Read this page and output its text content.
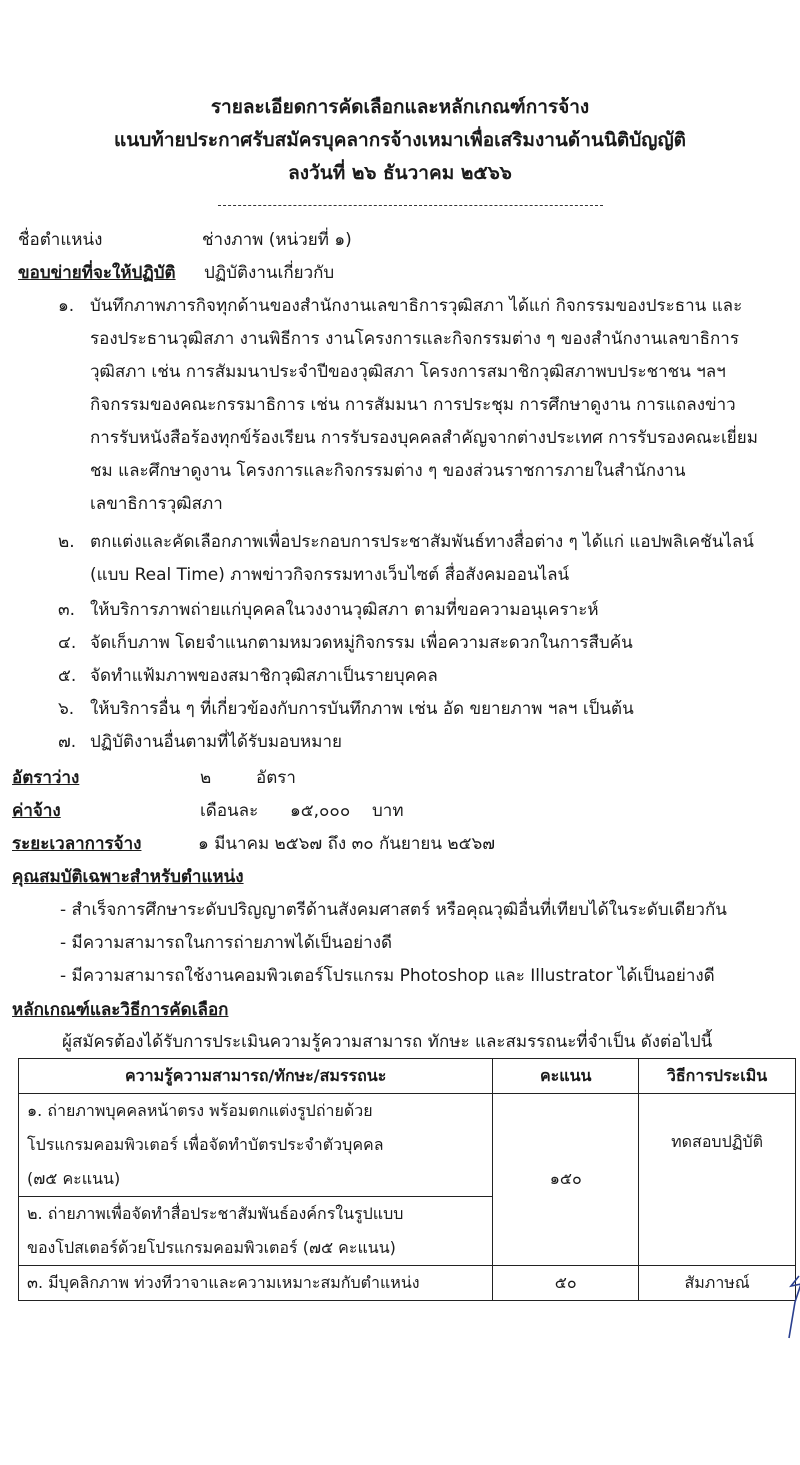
รายละเอียดการคัดเลือกและหลักเกณฑ์การจ้าง
แนบท้ายประกาศรับสมัครบุคลากรจ้างเหมาเพื่อเสริมงานด้านนิติบัญญัติ
ลงวันที่ ๒๖ ธันวาคม ๒๕๖๖
ชื่อตำแหน่ง	ช่างภาพ (หน่วยที่ ๑)
ขอบข่ายที่จะให้ปฏิบัติ ปฏิบัติงานเกี่ยวกับ
๑. บันทึกภาพภารกิจทุกด้านของสำนักงานเลขาธิการวุฒิสภา ได้แก่ กิจกรรมของประธาน และ
รองประธานวุฒิสภา งานพิธีการ งานโครงการและกิจกรรมต่าง ๆ ของสำนักงานเลขาธิการ
วุฒิสภา เช่น การสัมมนาประจำปีของวุฒิสภา โครงการสมาชิกวุฒิสภาพบประชาชน ฯลฯ
กิจกรรมของคณะกรรมาธิการ เช่น การสัมมนา การประชุม การศึกษาดูงาน การแถลงข่าว
การรับหนังสือร้องทุกข์ร้องเรียน การรับรองบุคคลสำคัญจากต่างประเทศ การรับรองคณะเยี่ยม
ชม และศึกษาดูงาน โครงการและกิจกรรมต่าง ๆ ของส่วนราชการภายในสำนักงาน
เลขาธิการวุฒิสภา
๒. ตกแต่งและคัดเลือกภาพเพื่อประกอบการประชาสัมพันธ์ทางสื่อต่าง ๆ ได้แก่ แอปพลิเคชันไลน์
(แบบ Real Time) ภาพข่าวกิจกรรมทางเว็บไซต์ สื่อสังคมออนไลน์
๓. ให้บริการภาพถ่ายแก่บุคคลในวงงานวุฒิสภา ตามที่ขอความอนุเคราะห์
๔. จัดเก็บภาพ โดยจำแนกตามหมวดหมู่กิจกรรม เพื่อความสะดวกในการสืบค้น
๕. จัดทำแฟ้มภาพของสมาชิกวุฒิสภาเป็นรายบุคคล
๖. ให้บริการอื่น ๆ ที่เกี่ยวข้องกับการบันทึกภาพ เช่น อัด ขยายภาพ ฯลฯ เป็นต้น
๗. ปฏิบัติงานอื่นตามที่ได้รับมอบหมาย
อัตราว่าง	๒	อัตรา
ค่าจ้าง	เดือนละ ๑๕,๐๐๐ บาท
ระยะเวลาการจ้าง	๑ มีนาคม ๒๕๖๗ ถึง ๓๐ กันยายน ๒๕๖๗
คุณสมบัติเฉพาะสำหรับตำแหน่ง
- สำเร็จการศึกษาระดับปริญญาตรีด้านสังคมศาสตร์ หรือคุณวุฒิอื่นที่เทียบได้ในระดับเดียวกัน
- มีความสามารถในการถ่ายภาพได้เป็นอย่างดี
- มีความสามารถใช้งานคอมพิวเตอร์โปรแกรม Photoshop และ Illustrator ได้เป็นอย่างดี
หลักเกณฑ์และวิธีการคัดเลือก
ผู้สมัครต้องได้รับการประเมินความรู้ความสามารถ ทักษะ และสมรรถนะที่จำเป็น ดังต่อไปนี้
ความรู้ความสามารถ/ทักษะ/สมรรถนะ	คะแนน	วิธีการประเมิน

๑. ถ่ายภาพบุคคลหน้าตรง พร้อมตกแต่งรูปถ่ายด้วย
โปรแกรมคอมพิวเตอร์ เพื่อจัดทำบัตรประจำตัวบุคคล
(๗๕ คะแนน)	๑๕๐	ทดสอบปฏิบัติ

๒. ถ่ายภาพเพื่อจัดทำสื่อประชาสัมพันธ์องค์กรในรูปแบบ
ของโปสเตอร์ด้วยโปรแกรมคอมพิวเตอร์ (๗๕ คะแนน)		

๓. มีบุคลิกภาพ ท่วงทีวาจาและความเหมาะสมกับตำแหน่ง	๕๐	สัมภาษณ์
